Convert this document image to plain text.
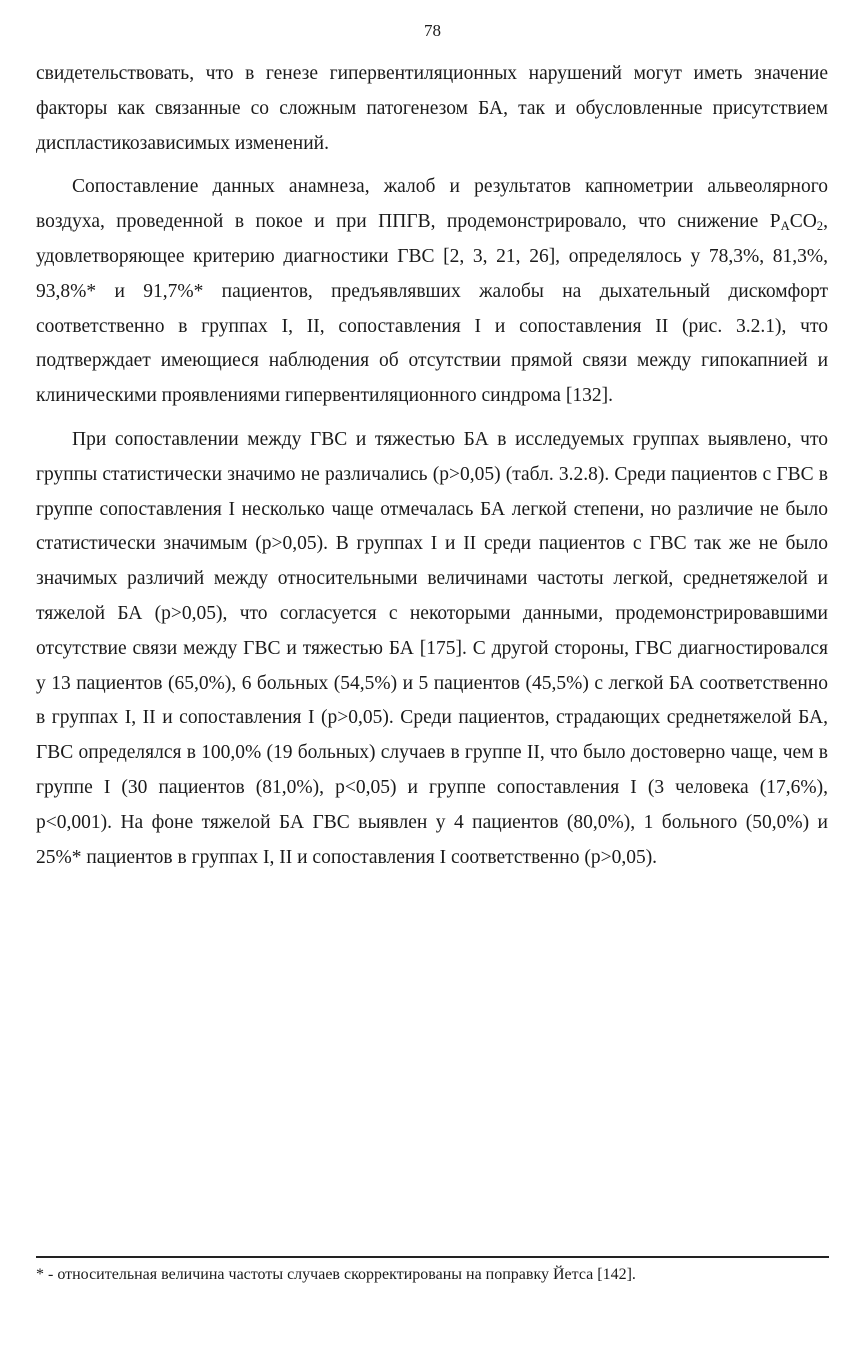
78

свидетельствовать, что в генезе гипервентиляционных нарушений могут иметь значение факторы как связанные со сложным патогенезом БА, так и обусловленные присутствием диспластикозависимых изменений.

Сопоставление данных анамнеза, жалоб и результатов капнометрии альвеолярного воздуха, проведенной в покое и при ППГВ, продемонстрировало, что снижение $P_ACO_2$, удовлетворяющее критерию диагностики ГВС [2, 3, 21, 26], определялось у 78,3%, 81,3%, 93,8%* и 91,7%* пациентов, предъявлявших жалобы на дыхательный дискомфорт соответственно в группах I, II, сопоставления I и сопоставления II (рис. 3.2.1), что подтверждает имеющиеся наблюдения об отсутствии прямой связи между гипокапнией и клиническими проявлениями гипервентиляционного синдрома [132].

При сопоставлении между ГВС и тяжестью БА в исследуемых группах выявлено, что группы статистически значимо не различались (p>0,05) (табл. 3.2.8). Среди пациентов с ГВС в группе сопоставления I несколько чаще отмечалась БА легкой степени, но различие не было статистически значимым (p>0,05). В группах I и II среди пациентов с ГВС так же не было значимых различий между относительными величинами частоты легкой, среднетяжелой и тяжелой БА (p>0,05), что согласуется с некоторыми данными, продемонстрировавшими отсутствие связи между ГВС и тяжестью БА [175]. С другой стороны, ГВС диагностировался у 13 пациентов (65,0%), 6 больных (54,5%) и 5 пациентов (45,5%) с легкой БА соответственно в группах I, II и сопоставления I (p>0,05). Среди пациентов, страдающих среднетяжелой БА, ГВС определялся в 100,0% (19 больных) случаев в группе II, что было достоверно чаще, чем в группе I (30 пациентов (81,0%), p<0,05) и группе сопоставления I (3 человека (17,6%), p<0,001). На фоне тяжелой БА ГВС выявлен у 4 пациентов (80,0%), 1 больного (50,0%) и 25%* пациентов в группах I, II и сопоставления I соответственно (p>0,05).

* - относительная величина частоты случаев скорректированы на поправку Йетса [142].
